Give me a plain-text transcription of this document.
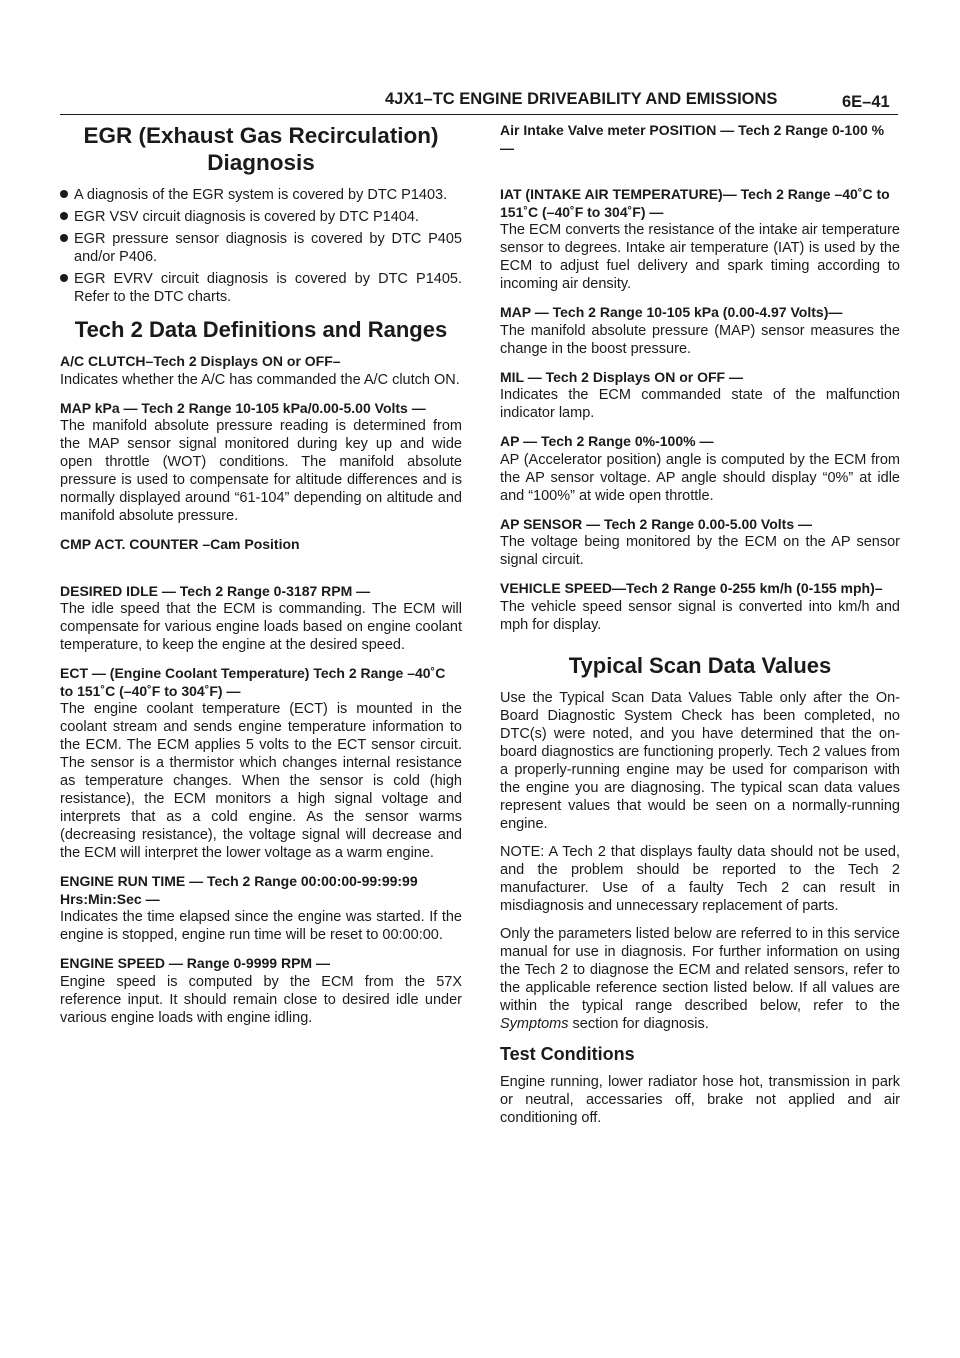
4JX1–TC ENGINE DRIVEABILITY AND EMISSIONS	6E–41
EGR (Exhaust Gas Recirculation)
Diagnosis
A diagnosis of the EGR system is covered by DTC P1403.
EGR VSV circuit diagnosis is covered by DTC P1404.
EGR pressure sensor diagnosis is covered by DTC P405 and/or P406.
EGR EVRV circuit diagnosis is covered by DTC P1405. Refer to the DTC charts.
Tech 2 Data Definitions and Ranges
A/C CLUTCH–Tech 2 Displays ON or OFF–
Indicates whether the A/C has commanded the A/C clutch ON.
MAP kPa — Tech 2 Range 10-105 kPa/0.00-5.00 Volts —
The manifold absolute pressure reading is determined from the MAP sensor signal monitored during key up and wide open throttle (WOT) conditions. The manifold absolute pressure is used to compensate for altitude differences and is normally displayed around “61-104” depending on altitude and manifold absolute pressure.
CMP ACT. COUNTER –Cam Position
DESIRED IDLE — Tech 2 Range 0-3187 RPM —
The idle speed that the ECM is commanding. The ECM will compensate for various engine loads based on engine coolant temperature, to keep the engine at the desired speed.
ECT — (Engine Coolant Temperature) Tech 2 Range –40˚C to 151˚C (–40˚F to 304˚F) —
The engine coolant temperature (ECT) is mounted in the coolant stream and sends engine temperature information to the ECM. The ECM applies 5 volts to the ECT sensor circuit. The sensor is a thermistor which changes internal resistance as temperature changes. When the sensor is cold (high resistance), the ECM monitors a high signal voltage and interprets that as a cold engine. As the sensor warms (decreasing resistance), the voltage signal will decrease and the ECM will interpret the lower voltage as a warm engine.
ENGINE RUN TIME — Tech 2 Range 00:00:00-99:99:99 Hrs:Min:Sec —
Indicates the time elapsed since the engine was started. If the engine is stopped, engine run time will be reset to 00:00:00.
ENGINE SPEED — Range 0-9999 RPM —
Engine speed is computed by the ECM from the 57X reference input. It should remain close to desired idle under various engine loads with engine idling.
Air Intake Valve meter POSITION — Tech 2 Range 0-100 % —
IAT (INTAKE AIR TEMPERATURE)— Tech 2 Range –40˚C to 151˚C (–40˚F to 304˚F) —
The ECM converts the resistance of the intake air temperature sensor to degrees. Intake air temperature (IAT) is used by the ECM to adjust fuel delivery and spark timing according to incoming air density.
MAP — Tech 2 Range 10-105 kPa (0.00-4.97 Volts)—
The manifold absolute pressure (MAP) sensor measures the change in the boost pressure.
MIL — Tech 2 Displays ON or OFF —
Indicates the ECM commanded state of the malfunction indicator lamp.
AP — Tech 2 Range 0%-100% —
AP (Accelerator position) angle is computed by the ECM from the AP sensor voltage. AP angle should display “0%” at idle and “100%” at wide open throttle.
AP SENSOR — Tech 2 Range 0.00-5.00 Volts —
The voltage being monitored by the ECM on the AP sensor signal circuit.
VEHICLE SPEED—Tech 2 Range 0-255 km/h (0-155 mph)–
The vehicle speed sensor signal is converted into km/h and mph for display.
Typical Scan Data Values
Use the Typical Scan Data Values Table only after the On-Board Diagnostic System Check has been completed, no DTC(s) were noted, and you have determined that the on-board diagnostics are functioning properly. Tech 2 values from a properly-running engine may be used for comparison with the engine you are diagnosing. The typical scan data values represent values that would be seen on a normally-running engine.
NOTE: A Tech 2 that displays faulty data should not be used, and the problem should be reported to the Tech 2 manufacturer. Use of a faulty Tech 2 can result in misdiagnosis and unnecessary replacement of parts.
Only the parameters listed below are referred to in this service manual for use in diagnosis. For further information on using the Tech 2 to diagnose the ECM and related sensors, refer to the applicable reference section listed below. If all values are within the typical range described below, refer to the Symptoms section for diagnosis.
Test Conditions
Engine running, lower radiator hose hot, transmission in park or neutral, accessaries off, brake not applied and air conditioning off.
